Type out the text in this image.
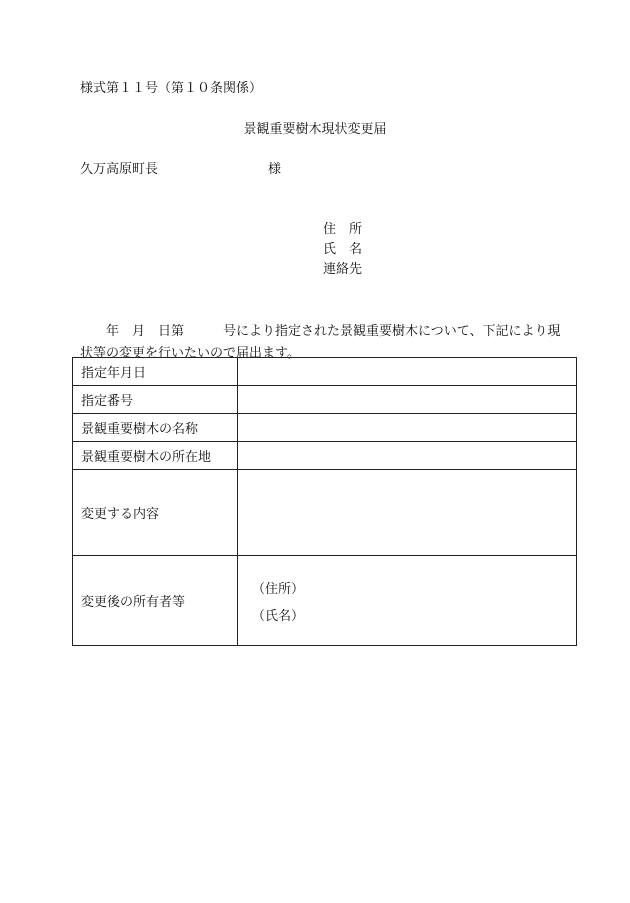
様式第１１号（第１０条関係）
景観重要樹木現状変更届
久万高原町長	様
住　所
氏　名
連絡先
　　年　月　日第　　　号により指定された景観重要樹木について、下記により現
状等の変更を行いたいので届出ます。
指定年月日	
指定番号	
景観重要樹木の名称	
景観重要樹木の所在地	
変更する内容	
変更後の所有者等	（住所）
（氏名）
